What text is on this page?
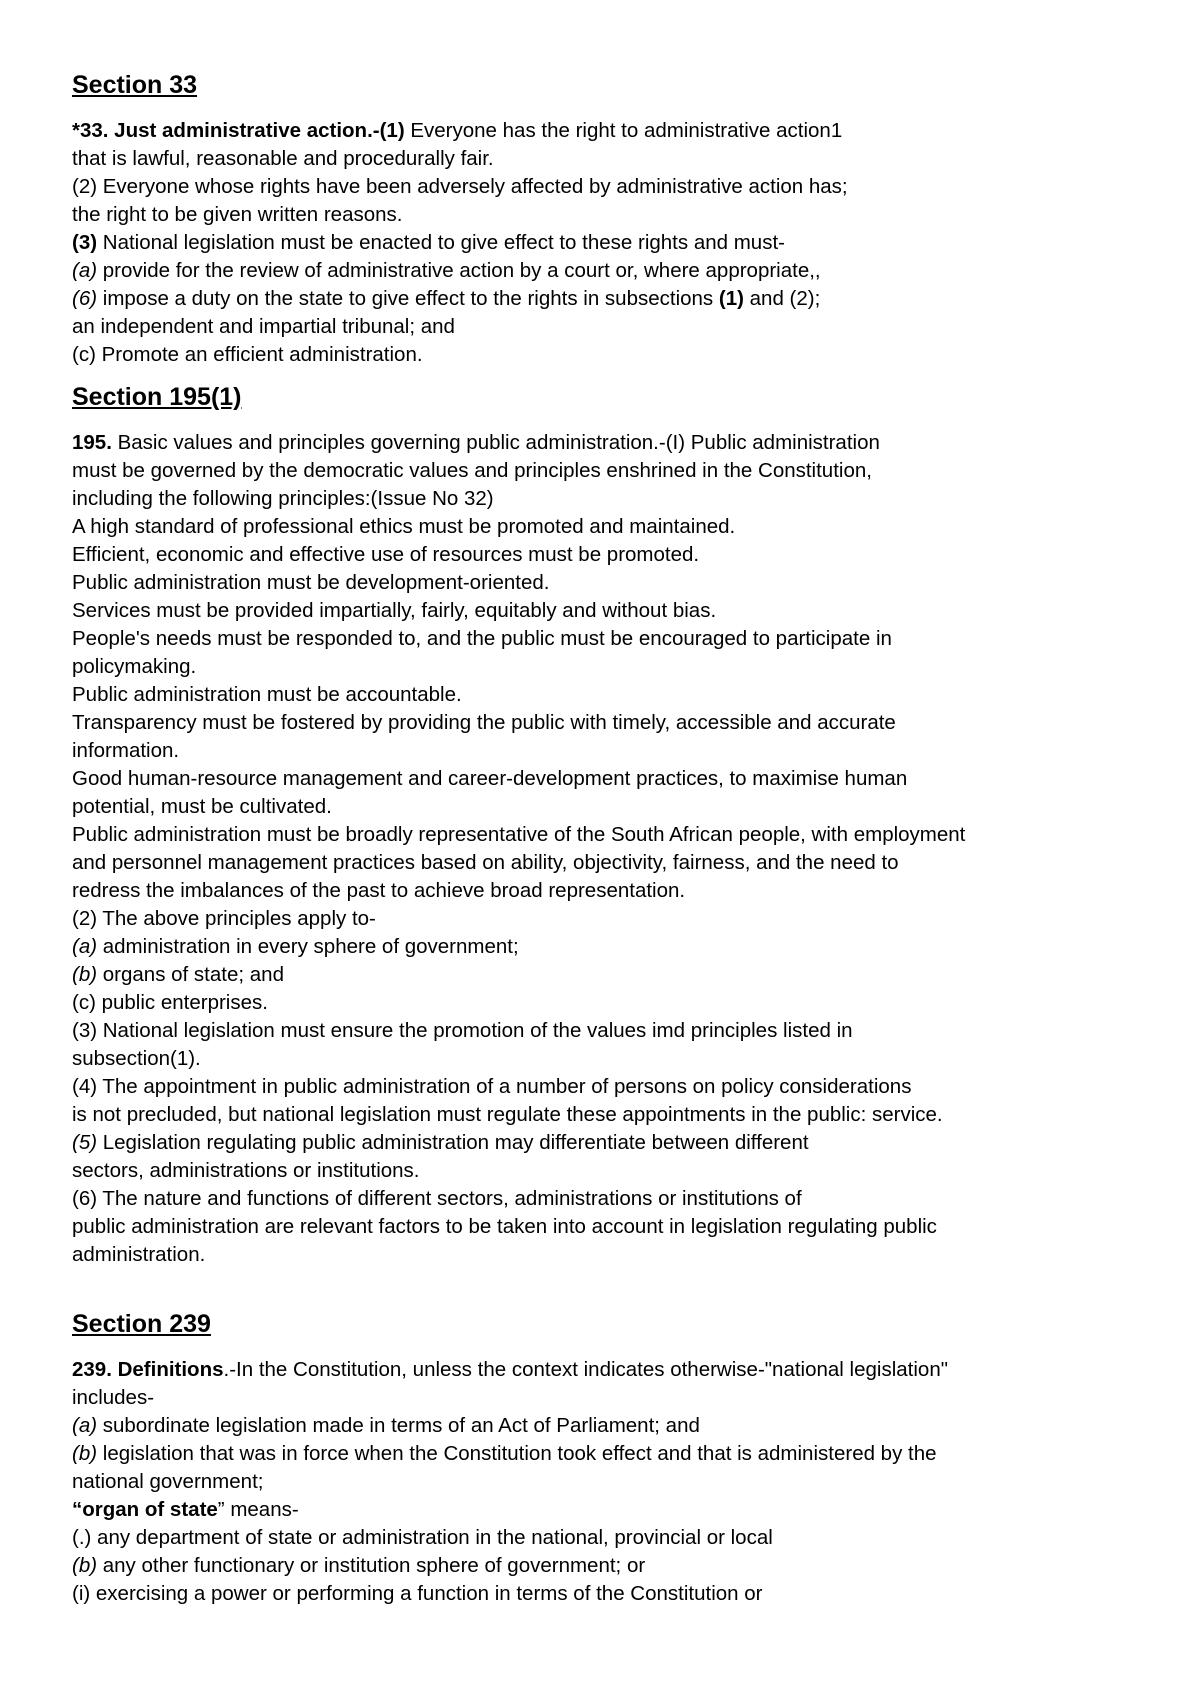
Section 33
*33. Just administrative action.-(1) Everyone has the right to administrative action1
that is lawful, reasonable and procedurally fair.
(2) Everyone whose rights have been adversely affected by administrative action has;
the right to be given written reasons.
(3) National legislation must be enacted to give effect to these rights and must-
(a) provide for the review of administrative action by a court or, where appropriate,,
(6) impose a duty on the state to give effect to the rights in subsections (1) and (2);
an independent and impartial tribunal; and
(c) Promote an efficient administration.
Section 195(1)
195. Basic values and principles governing public administration.-(I) Public administration
must be governed by the democratic values and principles enshrined in the Constitution,
including the following principles:(Issue No 32)
A high standard of professional ethics must be promoted and maintained.
Efficient, economic and effective use of resources must be promoted.
Public administration must be development-oriented.
Services must be provided impartially, fairly, equitably and without bias.
People's needs must be responded to, and the public must be encouraged to participate in
policymaking.
Public administration must be accountable.
Transparency must be fostered by providing the public with timely, accessible and accurate
information.
Good human-resource management and career-development practices, to maximise human
potential, must be cultivated.
Public administration must be broadly representative of the South African people, with employment
and personnel management practices based on ability, objectivity, fairness, and the need to
redress the imbalances of the past to achieve broad representation.
(2) The above principles apply to-
(a) administration in every sphere of government;
(b) organs of state; and
(c) public enterprises.
(3) National legislation must ensure the promotion of the values imd principles listed in
subsection(1).
(4) The appointment in public administration of a number of persons on policy considerations
is not precluded, but national legislation must regulate these appointments in the public: service.
(5) Legislation regulating public administration may differentiate between different
sectors, administrations or institutions.
(6) The nature and functions of different sectors, administrations or institutions of
public administration are relevant factors to be taken into account in legislation regulating public
administration.
Section 239
239. Definitions.-In the Constitution, unless the context indicates otherwise-"national legislation"
includes-
(a) subordinate legislation made in terms of an Act of Parliament; and
(b) legislation that was in force when the Constitution took effect and that is administered by the
national government;
“organ of state” means-
(.) any department of state or administration in the national, provincial or local
(b) any other functionary or institution sphere of government; or
(i) exercising a power or performing a function in terms of the Constitution or
